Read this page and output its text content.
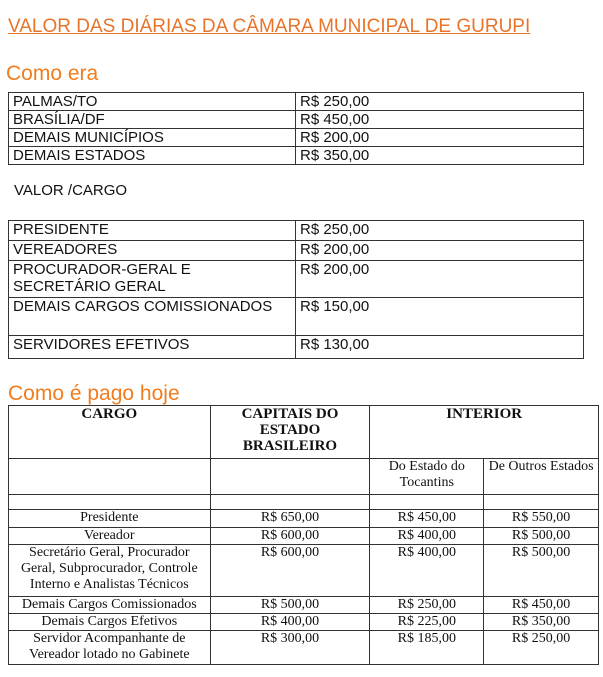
VALOR DAS DIÁRIAS DA CÂMARA MUNICIPAL DE GURUPI
Como era
PALMAS/TO	R$ 250,00
BRASÍLIA/DF	R$ 450,00
DEMAIS MUNICÍPIOS	R$ 200,00
DEMAIS ESTADOS	R$ 350,00
VALOR /CARGO
PRESIDENTE	R$ 250,00
VEREADORES	R$ 200,00
PROCURADOR-GERAL E SECRETÁRIO GERAL	R$ 200,00
DEMAIS CARGOS COMISSIONADOS	R$ 150,00
SERVIDORES EFETIVOS	R$ 130,00
Como é pago hoje
CARGO	CAPITAIS DO ESTADO BRASILEIRO	INTERIOR	
		Do Estado do Tocantins	De Outros Estados

Presidente	R$ 650,00	R$ 450,00	R$ 550,00
Vereador	R$ 600,00	R$ 400,00	R$ 500,00
Secretário Geral, Procurador Geral, Subprocurador, Controle Interno e Analistas Técnicos	R$ 600,00	R$ 400,00	R$ 500,00
Demais Cargos Comissionados	R$ 500,00	R$ 250,00	R$ 450,00
Demais Cargos Efetivos	R$ 400,00	R$ 225,00	R$ 350,00
Servidor Acompanhante de Vereador lotado no Gabinete	R$ 300,00	R$ 185,00	R$ 250,00
